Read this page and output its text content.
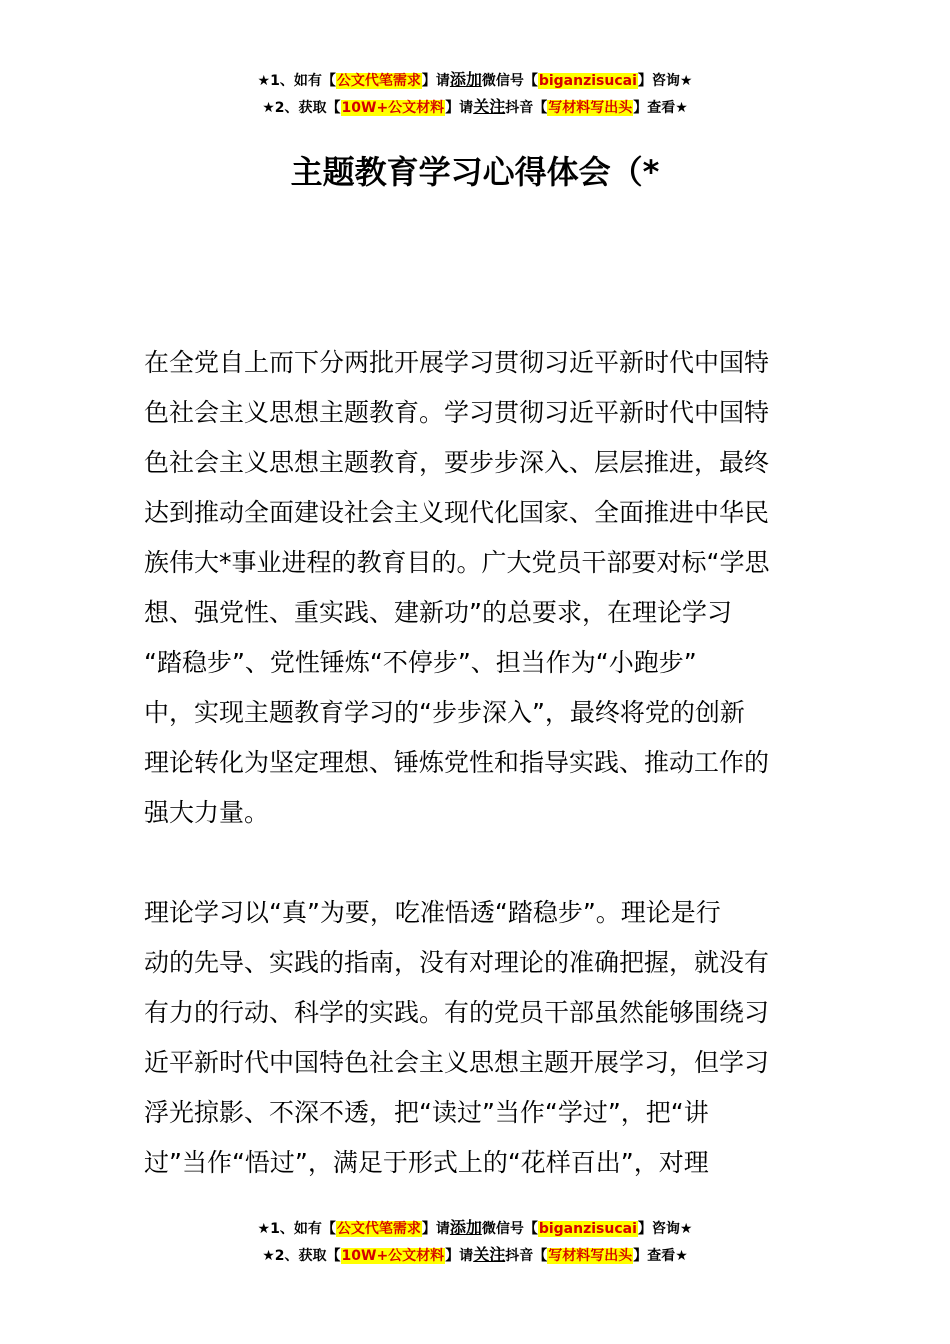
★1、如有【公文代笔需求】请添加微信号【biganzisucai】咨询★
★2、获取【10W+公文材料】请关注抖音【写材料写出头】查看★
主题教育学习心得体会（*
在全党自上而下分两批开展学习贯彻习近平新时代中国特
色社会主义思想主题教育。学习贯彻习近平新时代中国特
色社会主义思想主题教育，要步步深入、层层推进，最终
达到推动全面建设社会主义现代化国家、全面推进中华民
族伟大*事业进程的教育目的。广大党员干部要对标“学思
想、强党性、重实践、建新功”的总要求，在理论学习
“踏稳步”、党性锤炼“不停步”、担当作为“小跑步”
中，实现主题教育学习的“步步深入”，最终将党的创新
理论转化为坚定理想、锤炼党性和指导实践、推动工作的
强大力量。
理论学习以“真”为要，吃准悟透“踏稳步”。理论是行
动的先导、实践的指南，没有对理论的准确把握，就没有
有力的行动、科学的实践。有的党员干部虽然能够围绕习
近平新时代中国特色社会主义思想主题开展学习，但学习
浮光掠影、不深不透，把“读过”当作“学过”，把“讲
过”当作“悟过”，满足于形式上的“花样百出”，对理
★1、如有【公文代笔需求】请添加微信号【biganzisucai】咨询★
★2、获取【10W+公文材料】请关注抖音【写材料写出头】查看★
